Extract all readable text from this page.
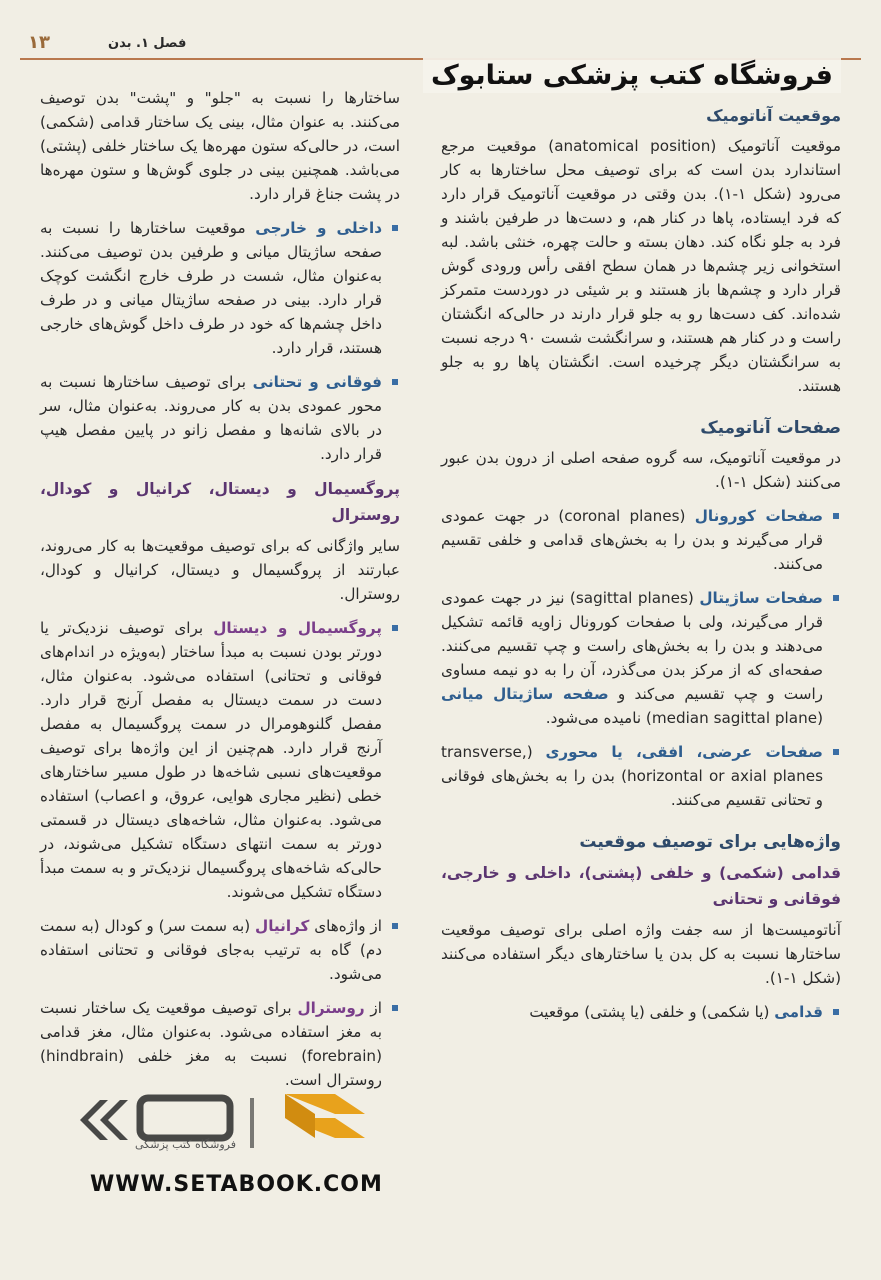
۱۳	فصل ۱. بدن
فروشگاه کتب پزشکی ستابوک
موقعیت آناتومیک

موقعیت آناتومیک (anatomical position) موقعیت مرجع استاندارد بدن است که برای توصیف محل ساختارها به کار می‌رود (شکل ۱-۱). بدن وقتی در موقعیت آناتومیک قرار دارد که فرد ایستاده، پاها در کنار هم، و دست‌ها در طرفین باشند و فرد به جلو نگاه کند. دهان بسته و حالت چهره، خنثی باشد. لبه استخوانی زیر چشم‌ها در همان سطح افقی رأس ورودی گوش قرار دارد و چشم‌ها باز هستند و بر شیئی در دوردست متمرکز شده‌اند. کف دست‌ها رو به جلو قرار دارند در حالی‌که انگشتان راست و در کنار هم هستند، و سرانگشت شست ۹۰ درجه نسبت به سرانگشتان دیگر چرخیده است. انگشتان پاها رو به جلو هستند.

صفحات آناتومیک

در موقعیت آناتومیک، سه گروه صفحه اصلی از درون بدن عبور می‌کنند (شکل ۱-۱).

صفحات کورونال (coronal planes) در جهت عمودی قرار می‌گیرند و بدن را به بخش‌های قدامی و خلفی تقسیم می‌کنند.
صفحات ساژیتال (sagittal planes) نیز در جهت عمودی قرار می‌گیرند، ولی با صفحات کورونال زاویه قائمه تشکیل می‌دهند و بدن را به بخش‌های راست و چپ تقسیم می‌کنند. صفحه‌ای که از مرکز بدن می‌گذرد، آن را به دو نیمه مساوی راست و چپ تقسیم می‌کند و صفحه ساژیتال میانی (median sagittal plane) نامیده می‌شود.
صفحات عرضی، افقی، یا محوری (transverse, horizontal or axial planes) بدن را به بخش‌های فوقانی و تحتانی تقسیم می‌کنند.
واژه‌هایی برای توصیف موقعیت
قدامی (شکمی) و خلفی (پشتی)، داخلی و خارجی، فوقانی و تحتانی

آناتومیست‌ها از سه جفت واژه اصلی برای توصیف موقعیت ساختارها نسبت به کل بدن یا ساختارهای دیگر استفاده می‌کنند (شکل ۱-۱).

قدامی (یا شکمی) و خلفی (یا پشتی) موقعیت

ساختارها را نسبت به "جلو" و "پشت" بدن توصیف می‌کنند. به عنوان مثال، بینی یک ساختار قدامی (شکمی) است، در حالی‌که ستون مهره‌ها یک ساختار خلفی (پشتی) می‌باشد. همچنین بینی در جلوی گوش‌ها و ستون مهره‌ها در پشت جناغ قرار دارد.

داخلی و خارجی موقعیت ساختارها را نسبت به صفحه ساژیتال میانی و طرفین بدن توصیف می‌کنند. به‌عنوان مثال، شست در طرف خارج انگشت کوچک قرار دارد. بینی در صفحه ساژیتال میانی و در طرف داخل چشم‌ها که خود در طرف داخل گوش‌های خارجی هستند، قرار دارد.
فوقانی و تحتانی برای توصیف ساختارها نسبت به محور عمودی بدن به کار می‌روند. به‌عنوان مثال، سر در بالای شانه‌ها و مفصل زانو در پایین مفصل هیپ قرار دارد.
پروگسیمال و دیستال، کرانیال و کودال، روسترال

سایر واژگانی که برای توصیف موقعیت‌ها به کار می‌روند، عبارتند از پروگسیمال و دیستال، کرانیال و کودال، روسترال.

پروگسیمال و دیستال برای توصیف نزدیک‌تر یا دورتر بودن نسبت به مبدأ ساختار (به‌ویژه در اندام‌های فوقانی و تحتانی) استفاده می‌شود. به‌عنوان مثال، دست در سمت دیستال به مفصل آرنج قرار دارد. مفصل گلنوهومرال در سمت پروگسیمال به مفصل آرنج قرار دارد. هم‌چنین از این واژه‌ها برای توصیف موقعیت‌های نسبی شاخه‌ها در طول مسیر ساختارهای خطی (نظیر مجاری هوایی، عروق، و اعصاب) استفاده می‌شود. به‌عنوان مثال، شاخه‌های دیستال در قسمتی دورتر به سمت انتهای دستگاه تشکیل می‌شوند، در حالی‌که شاخه‌های پروگسیمال نزدیک‌تر و به سمت مبدأ دستگاه تشکیل می‌شوند.
از واژه‌های کرانیال (به سمت سر) و کودال (به سمت دم) گاه به ترتیب به‌جای فوقانی و تحتانی استفاده می‌شود.
از روسترال برای توصیف موقعیت یک ساختار نسبت به مغز استفاده می‌شود. به‌عنوان مثال، مغز قدامی (forebrain) نسبت به مغز خلفی (hindbrain) روسترال است.
فروشگاه کتب پزشکی
WWW.SETABOOK.COM
